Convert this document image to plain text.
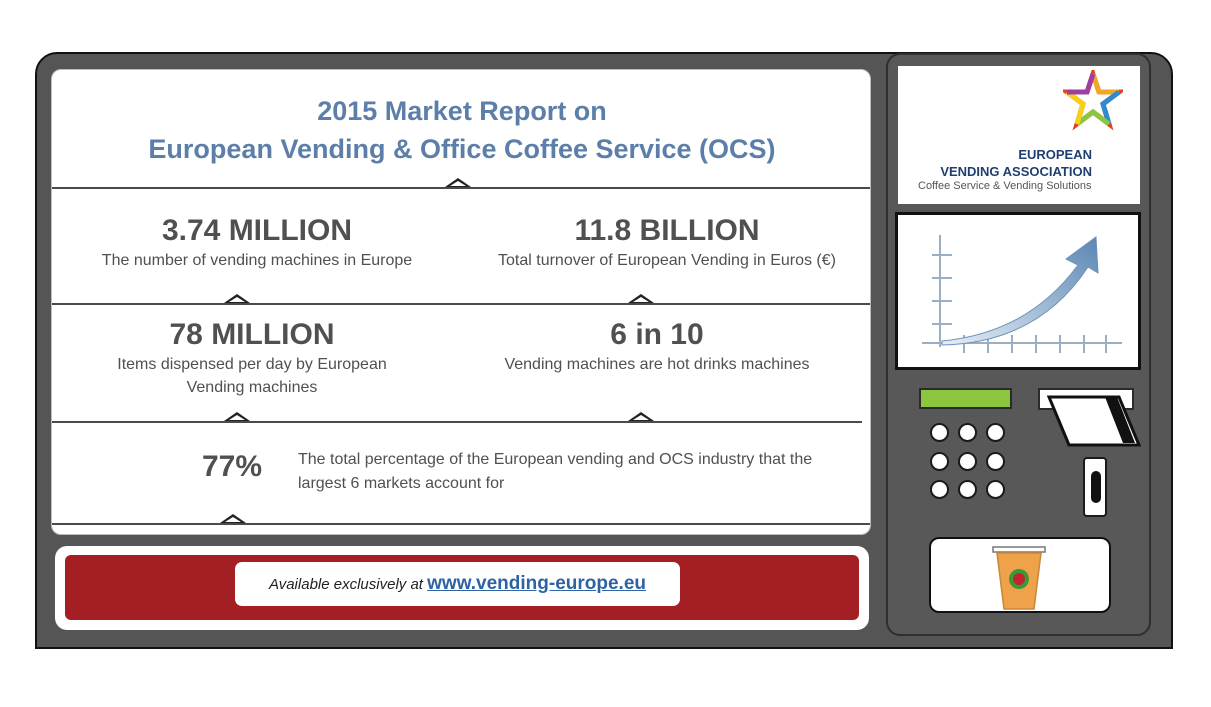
2015 Market Report on
European Vending & Office Coffee Service (OCS)
3.74 MILLION
The number of vending machines in Europe
11.8 BILLION
Total turnover of European Vending in Euros (€)
78 MILLION
Items dispensed per day by European Vending machines
6 in 10
Vending machines are hot drinks machines
77% The total percentage of the European vending and OCS industry that the largest 6 markets account for
Available exclusively at www.vending-europe.eu
EUROPEAN
VENDING ASSOCIATION
Coffee Service & Vending Solutions
